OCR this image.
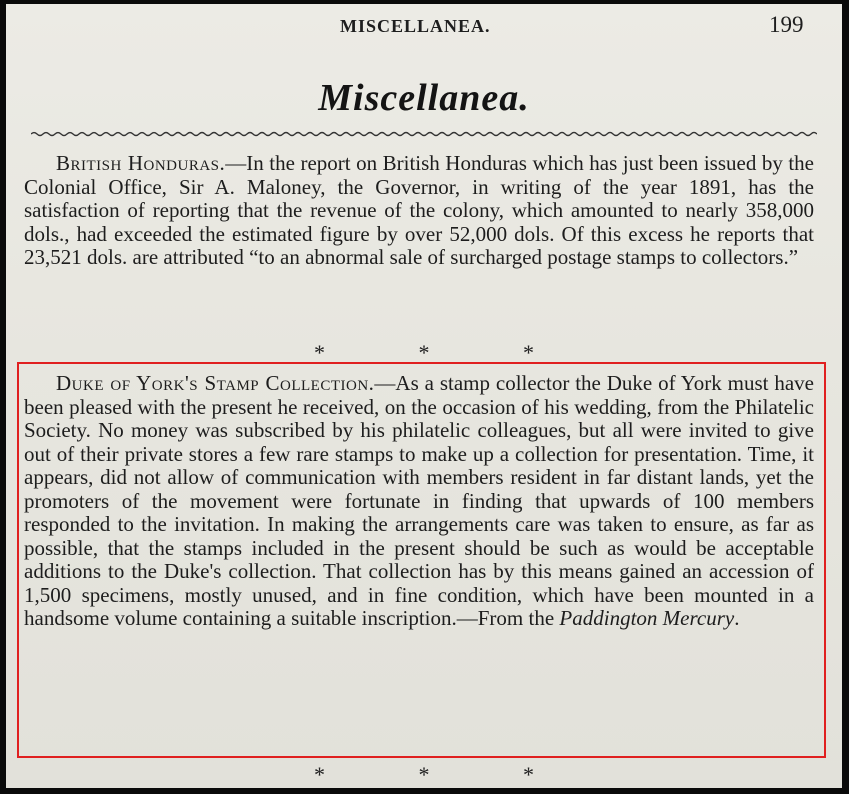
MISCELLANEA.	199
Miscellanea.
British Honduras.—In the report on British Honduras which has just been issued by the Colonial Office, Sir A. Maloney, the Governor, in writing of the year 1891, has the satisfaction of reporting that the revenue of the colony, which amounted to nearly 358,000 dols., had exceeded the estimated figure by over 52,000 dols. Of this excess he reports that 23,521 dols. are attributed “to an abnormal sale of surcharged postage stamps to collectors.”
* * *
Duke of York's Stamp Collection.—As a stamp collector the Duke of York must have been pleased with the present he received, on the occasion of his wedding, from the Philatelic Society. No money was subscribed by his philatelic colleagues, but all were invited to give out of their private stores a few rare stamps to make up a collection for presentation. Time, it appears, did not allow of communication with members resident in far distant lands, yet the promoters of the movement were fortunate in finding that upwards of 100 members responded to the invitation. In making the arrangements care was taken to ensure, as far as possible, that the stamps included in the present should be such as would be acceptable additions to the Duke's collection. That collection has by this means gained an accession of 1,500 specimens, mostly unused, and in fine condition, which have been mounted in a handsome volume containing a suitable inscription.—From the Paddington Mercury.
* * *
